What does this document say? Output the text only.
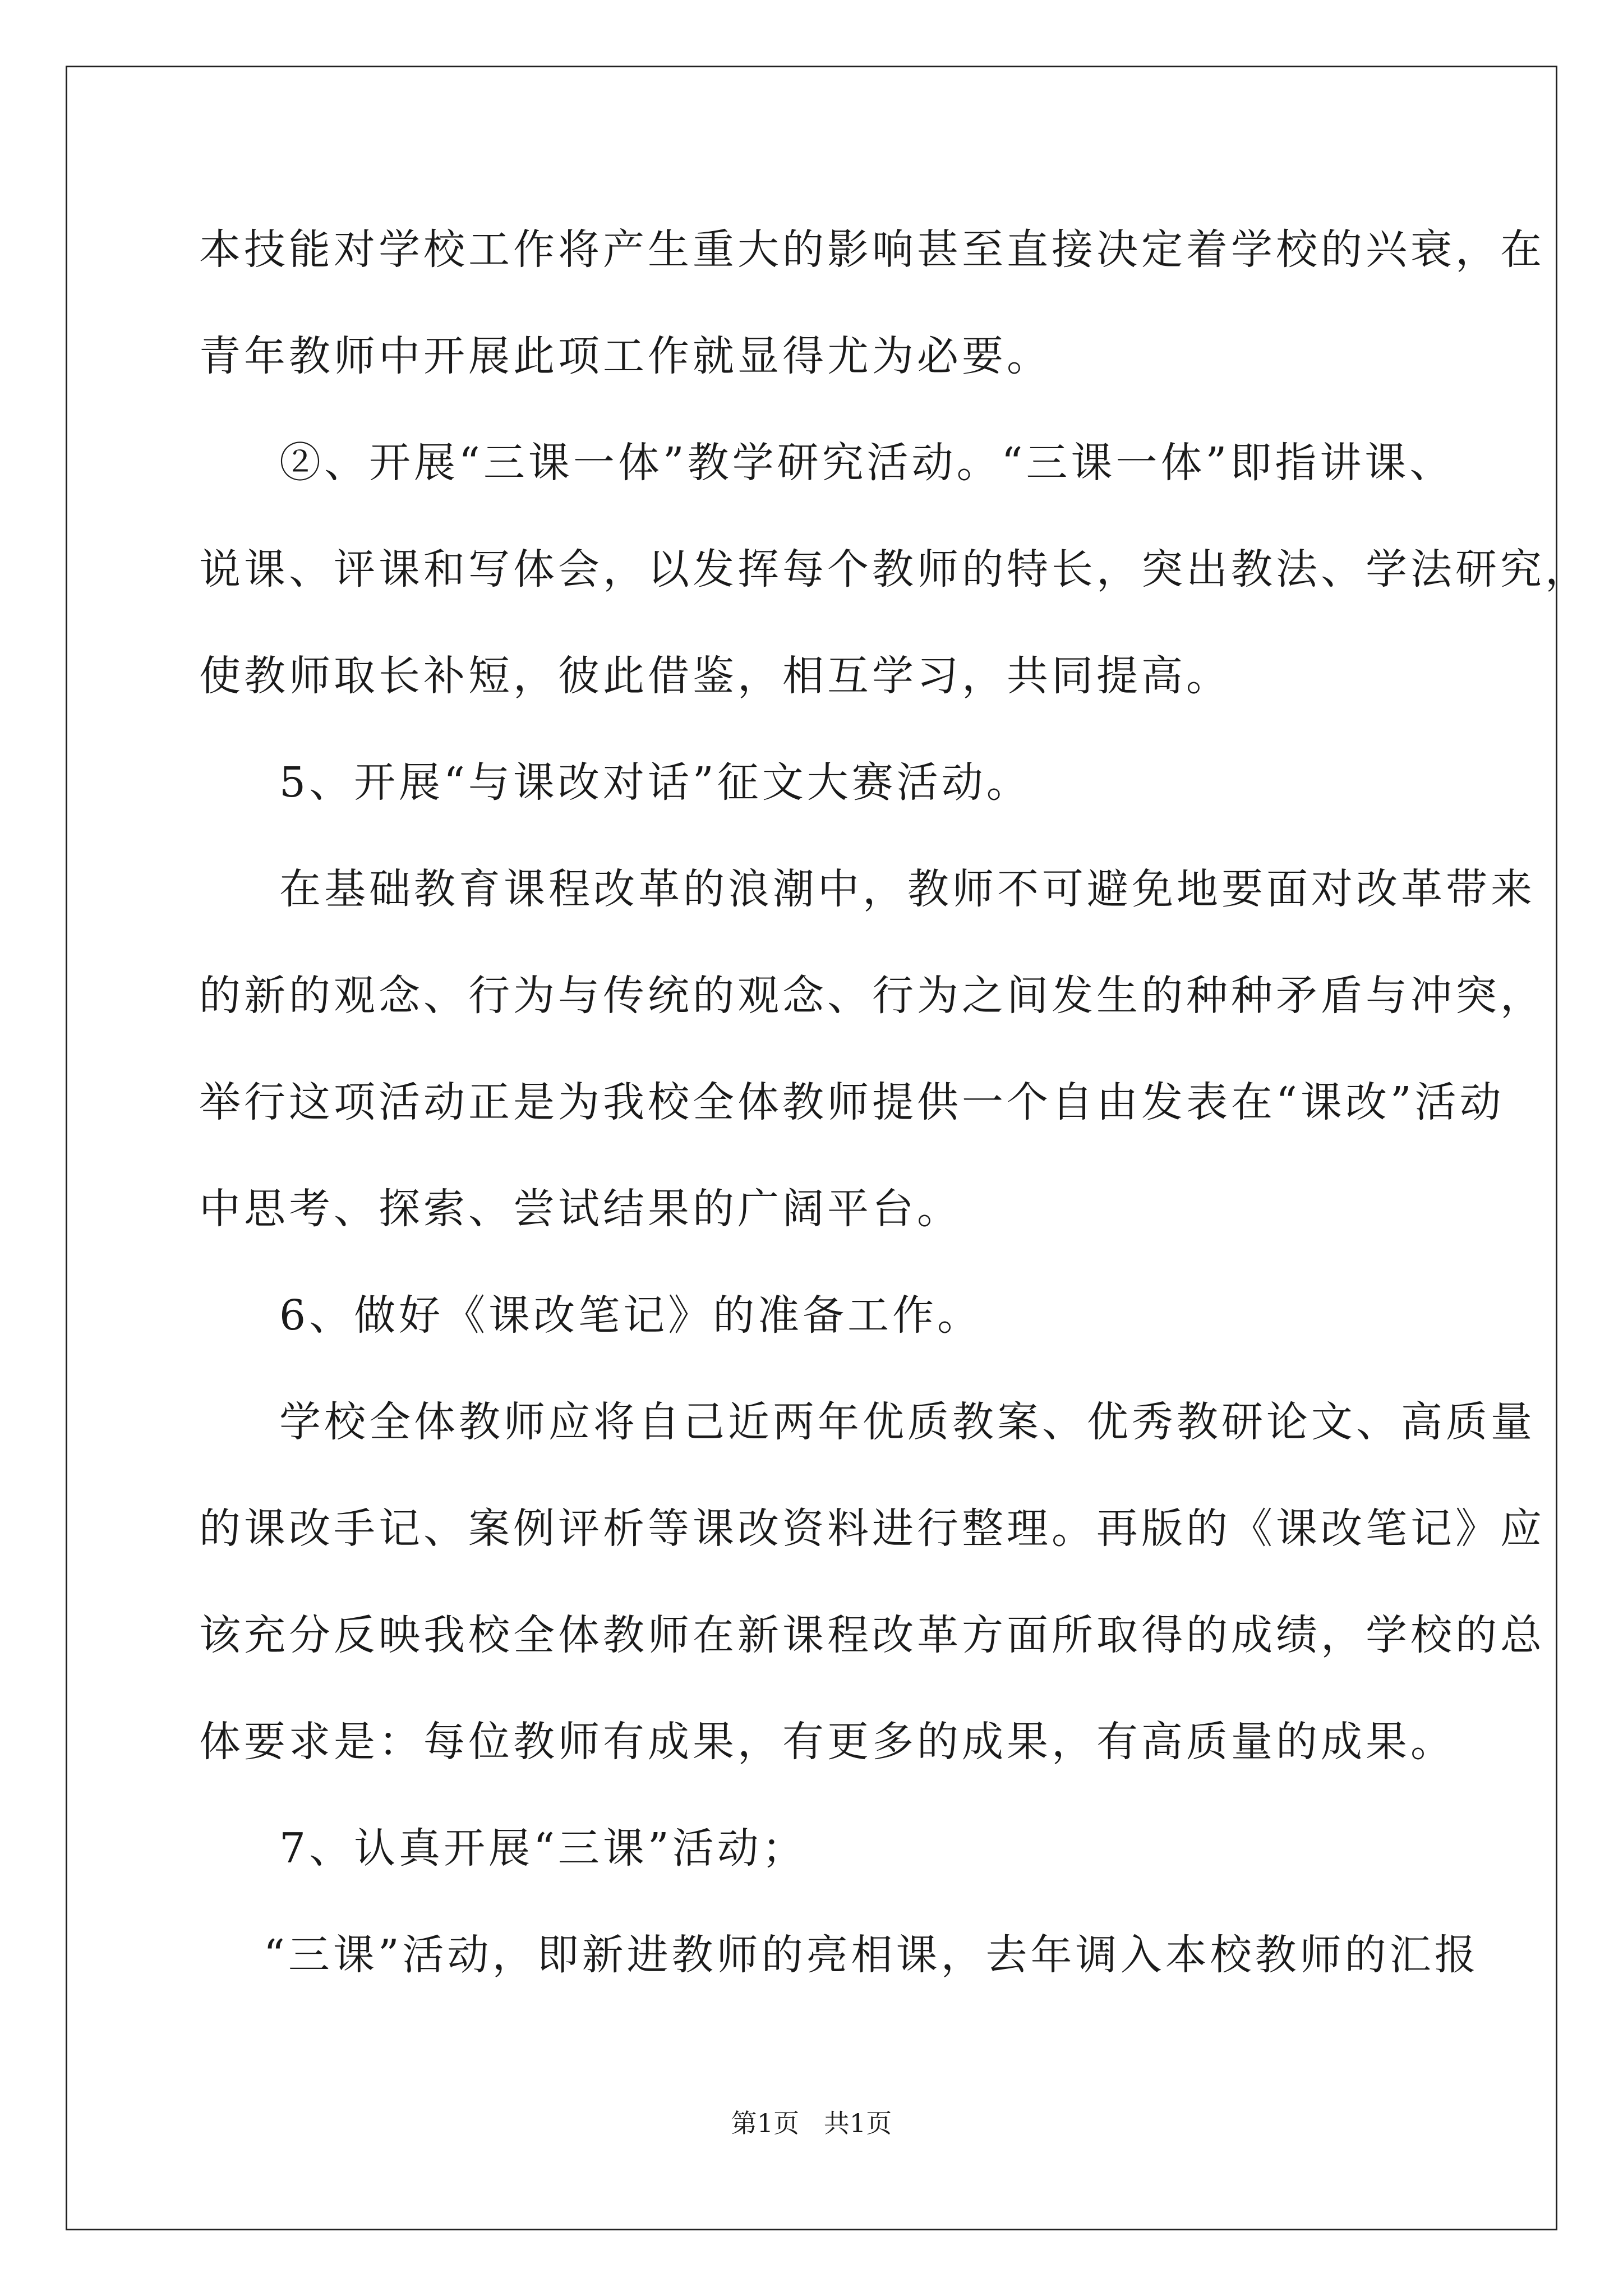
本技能对学校工作将产生重大的影响甚至直接决定着学校的兴衰，在

青年教师中开展此项工作就显得尤为必要。

②、开展“三课一体”教学研究活动。“三课一体”即指讲课、

说课、评课和写体会，以发挥每个教师的特长，突出教法、学法研究，

使教师取长补短，彼此借鉴，相互学习，共同提高。

5、开展“与课改对话”征文大赛活动。

在基础教育课程改革的浪潮中，教师不可避免地要面对改革带来

的新的观念、行为与传统的观念、行为之间发生的种种矛盾与冲突，

举行这项活动正是为我校全体教师提供一个自由发表在“课改”活动

中思考、探索、尝试结果的广阔平台。

6、做好《课改笔记》的准备工作。

学校全体教师应将自己近两年优质教案、优秀教研论文、高质量

的课改手记、案例评析等课改资料进行整理。再版的《课改笔记》应

该充分反映我校全体教师在新课程改革方面所取得的成绩，学校的总

体要求是：每位教师有成果，有更多的成果，有高质量的成果。

7、认真开展“三课”活动；

“三课”活动，即新进教师的亮相课，去年调入本校教师的汇报

第1页   共1页
